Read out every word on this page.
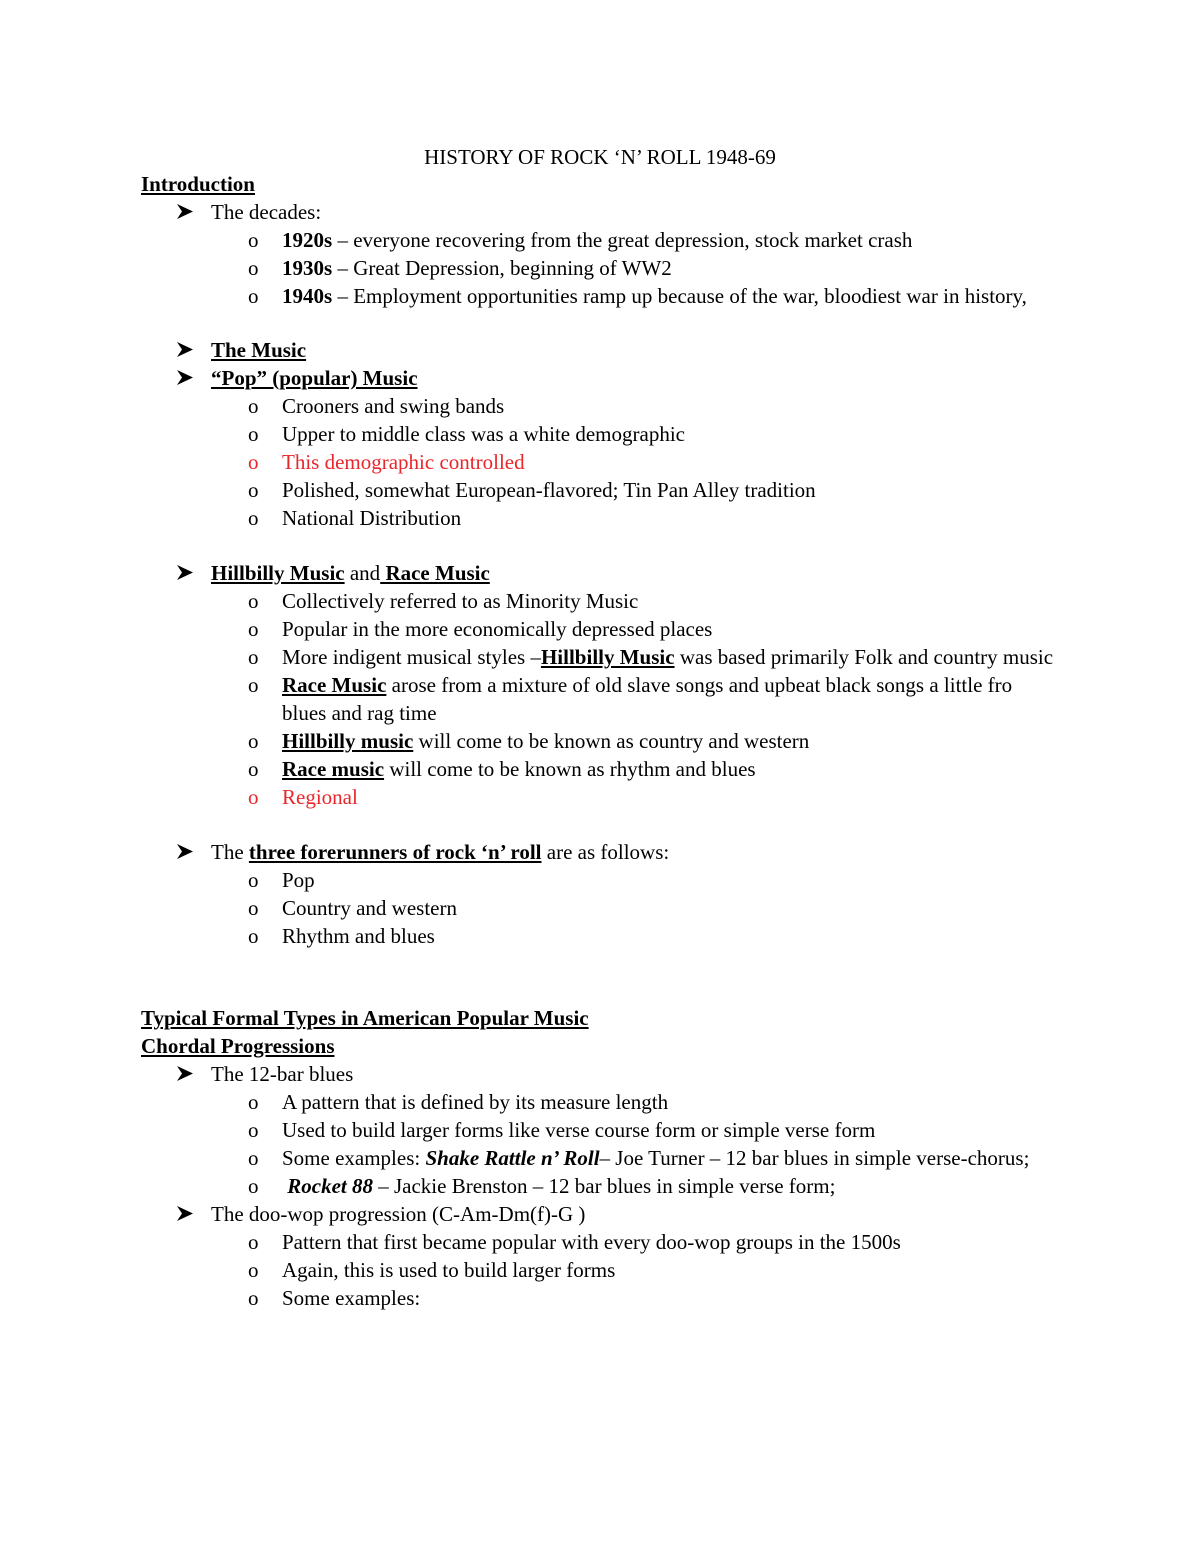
HISTORY OF ROCK ‘N’ ROLL 1948-69
Introduction
The decades:
o 1920s – everyone recovering from the great depression, stock market crash
o 1930s – Great Depression, beginning of WW2
o 1940s – Employment opportunities ramp up because of the war, bloodiest war in history,
The Music
“Pop” (popular) Music
o Crooners and swing bands
o Upper to middle class was a white demographic
o This demographic controlled
o Polished, somewhat European-flavored; Tin Pan Alley tradition
o National Distribution
Hillbilly Music and Race Music
o Collectively referred to as Minority Music
o Popular in the more economically depressed places
o More indigent musical styles –Hillbilly Music was based primarily Folk and country music
o Race Music arose from a mixture of old slave songs and upbeat black songs a little fro blues and rag time
o Hillbilly music will come to be known as country and western
o Race music will come to be known as rhythm and blues
o Regional
The three forerunners of rock ‘n’ roll are as follows:
o Pop
o Country and western
o Rhythm and blues
Typical Formal Types in American Popular Music
Chordal Progressions
The 12-bar blues
o A pattern that is defined by its measure length
o Used to build larger forms like verse course form or simple verse form
o Some examples: Shake Rattle n’ Roll– Joe Turner – 12 bar blues in simple verse-chorus;
o Rocket 88 – Jackie Brenston – 12 bar blues in simple verse form;
The doo-wop progression (C-Am-Dm(f)-G )
o Pattern that first became popular with every doo-wop groups in the 1500s
o Again, this is used to build larger forms
o Some examples:
